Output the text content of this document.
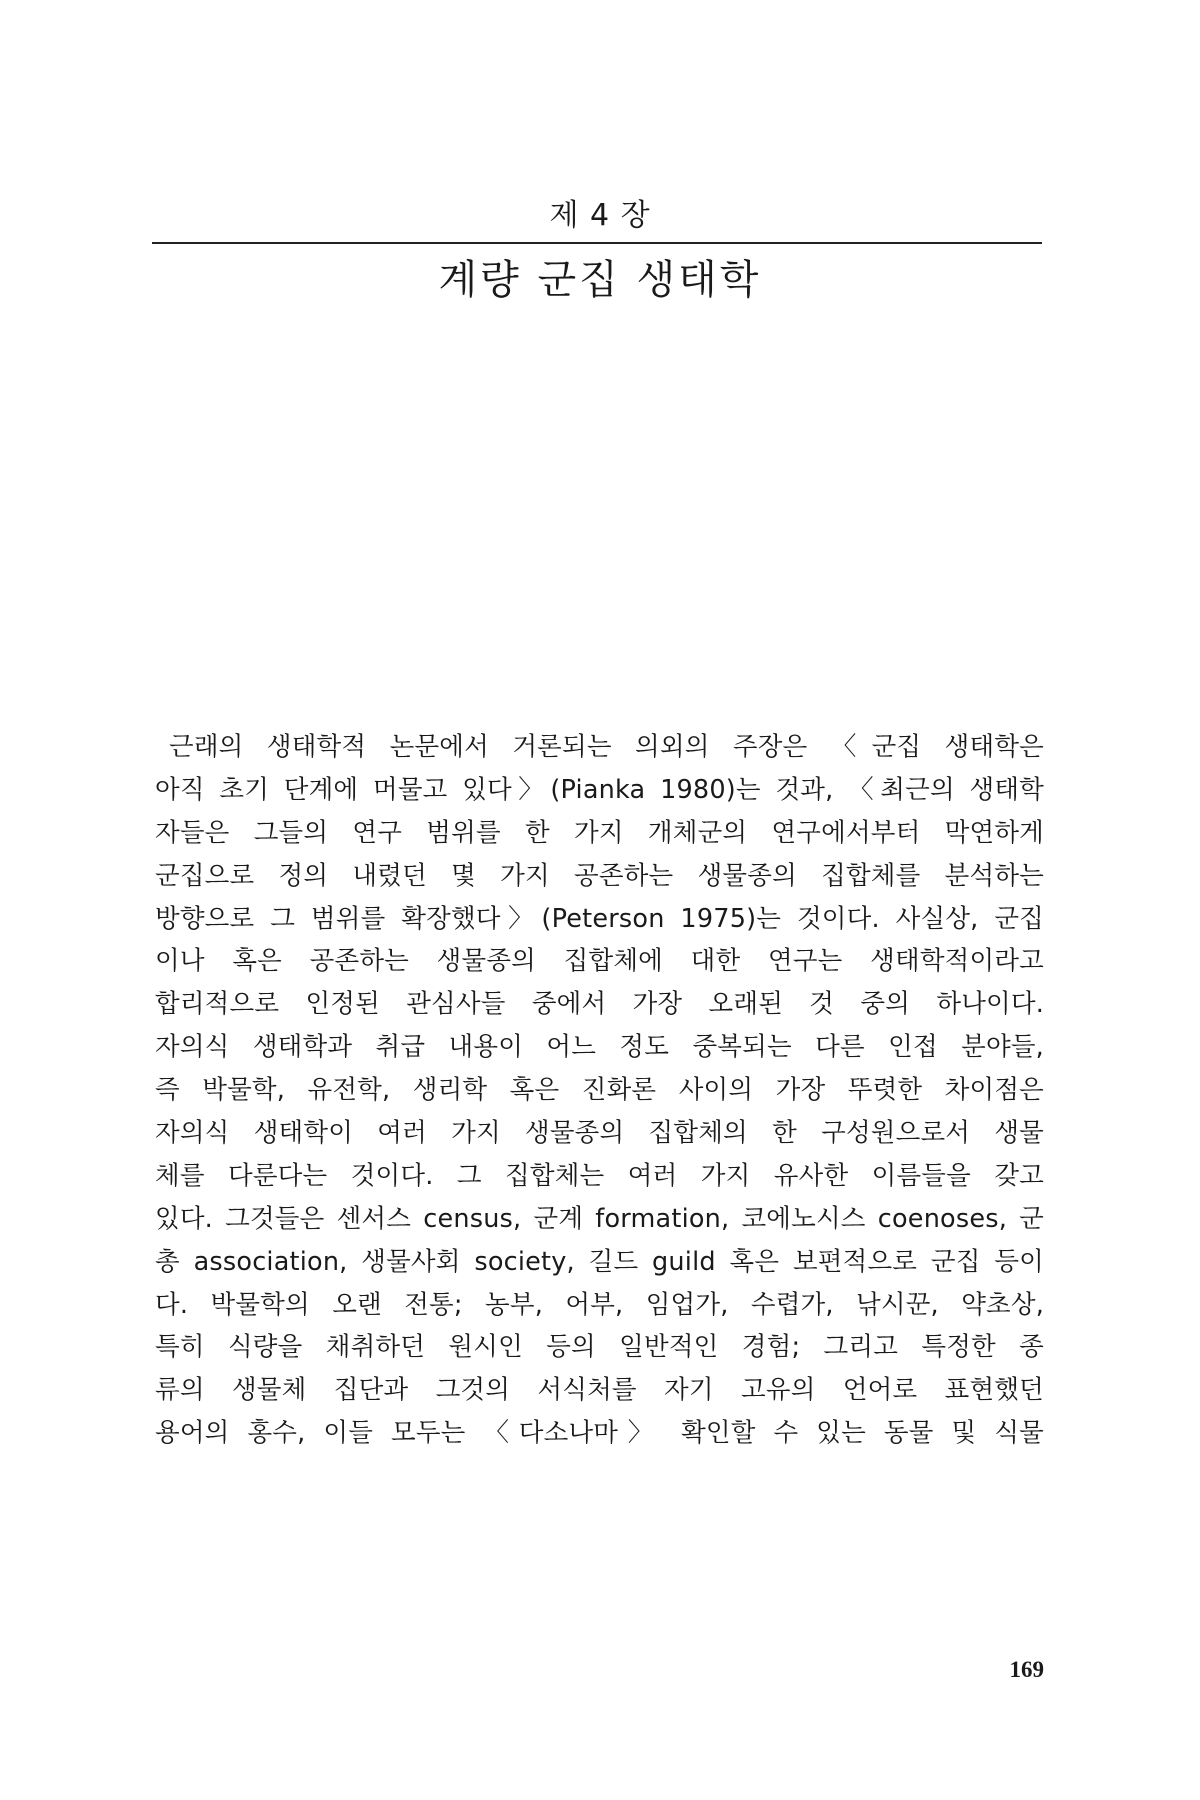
제 4 장
계량 군집 생태학
근래의 생태학적 논문에서 거론되는 의외의 주장은 〈군집 생태학은
아직 초기 단계에 머물고 있다〉(Pianka 1980)는 것과, 〈최근의 생태학
자들은 그들의 연구 범위를 한 가지 개체군의 연구에서부터 막연하게
군집으로 정의 내렸던 몇 가지 공존하는 생물종의 집합체를 분석하는
방향으로 그 범위를 확장했다〉(Peterson 1975)는 것이다. 사실상, 군집
이나 혹은 공존하는 생물종의 집합체에 대한 연구는 생태학적이라고
합리적으로 인정된 관심사들 중에서 가장 오래된 것 중의 하나이다.
자의식 생태학과 취급 내용이 어느 정도 중복되는 다른 인접 분야들,
즉 박물학, 유전학, 생리학 혹은 진화론 사이의 가장 뚜렷한 차이점은
자의식 생태학이 여러 가지 생물종의 집합체의 한 구성원으로서 생물
체를 다룬다는 것이다. 그 집합체는 여러 가지 유사한 이름들을 갖고
있다. 그것들은 센서스 census, 군계 formation, 코에노시스 coenoses, 군
총 association, 생물사회 society, 길드 guild 혹은 보편적으로 군집 등이
다. 박물학의 오랜 전통; 농부, 어부, 임업가, 수렵가, 낚시꾼, 약초상,
특히 식량을 채취하던 원시인 등의 일반적인 경험; 그리고 특정한 종
류의 생물체 집단과 그것의 서식처를 자기 고유의 언어로 표현했던
용어의 홍수, 이들 모두는 〈다소나마〉 확인할 수 있는 동물 및 식물
169
